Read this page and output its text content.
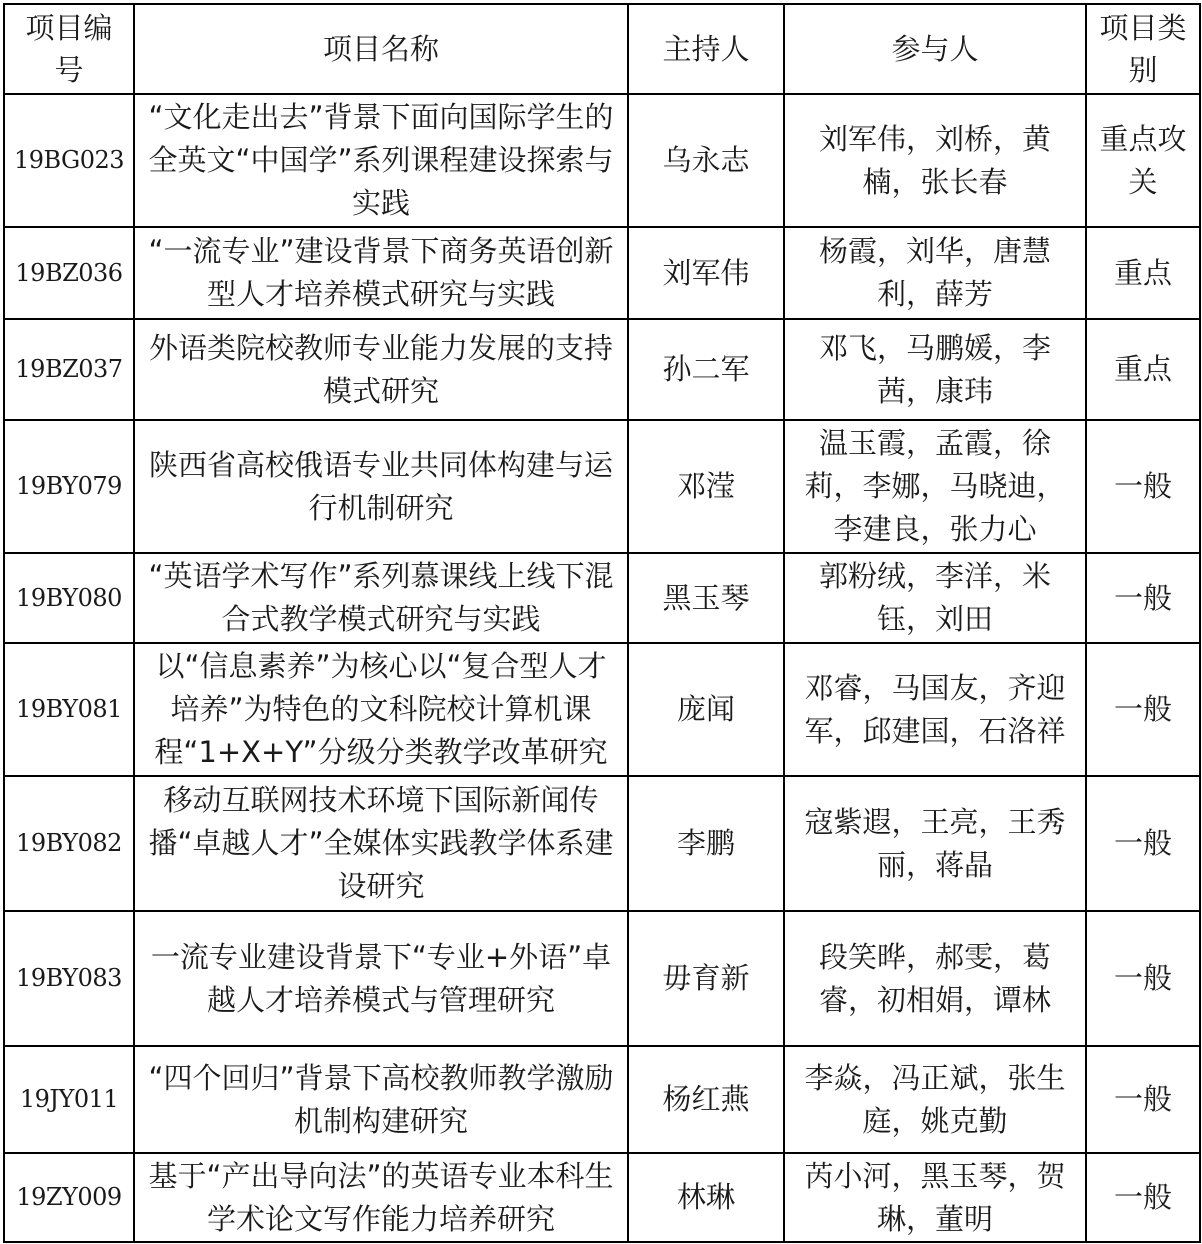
项目编号	项目名称	主持人	参与人	项目类别
19BG023	“文化走出去”背景下面向国际学生的全英文“中国学”系列课程建设探索与实践	乌永志	刘军伟，刘桥，黄楠，张长春	重点攻关
19BZ036	“一流专业”建设背景下商务英语创新型人才培养模式研究与实践	刘军伟	杨霞，刘华，唐慧利，薛芳	重点
19BZ037	外语类院校教师专业能力发展的支持模式研究	孙二军	邓飞，马鹏媛，李茜，康玮	重点
19BY079	陕西省高校俄语专业共同体构建与运行机制研究	邓滢	温玉霞，孟霞，徐莉，李娜，马晓迪，李建良，张力心	一般
19BY080	“英语学术写作”系列慕课线上线下混合式教学模式研究与实践	黑玉琴	郭粉绒，李洋，米钰，刘田	一般
19BY081	以“信息素养”为核心以“复合型人才培养”为特色的文科院校计算机课程“1+X+Y”分级分类教学改革研究	庞闻	邓睿，马国友，齐迎军，邱建国，石洛祥	一般
19BY082	移动互联网技术环境下国际新闻传播“卓越人才”全媒体实践教学体系建设研究	李鹏	寇紫遐，王亮，王秀丽，蒋晶	一般
19BY083	一流专业建设背景下“专业+外语”卓越人才培养模式与管理研究	毋育新	段笑晔，郝雯，葛睿，初相娟，谭林	一般
19JY011	“四个回归”背景下高校教师教学激励机制构建研究	杨红燕	李焱，冯正斌，张生庭，姚克勤	一般
19ZY009	基于“产出导向法”的英语专业本科生学术论文写作能力培养研究	林琳	芮小河，黑玉琴，贺琳，董明	一般
